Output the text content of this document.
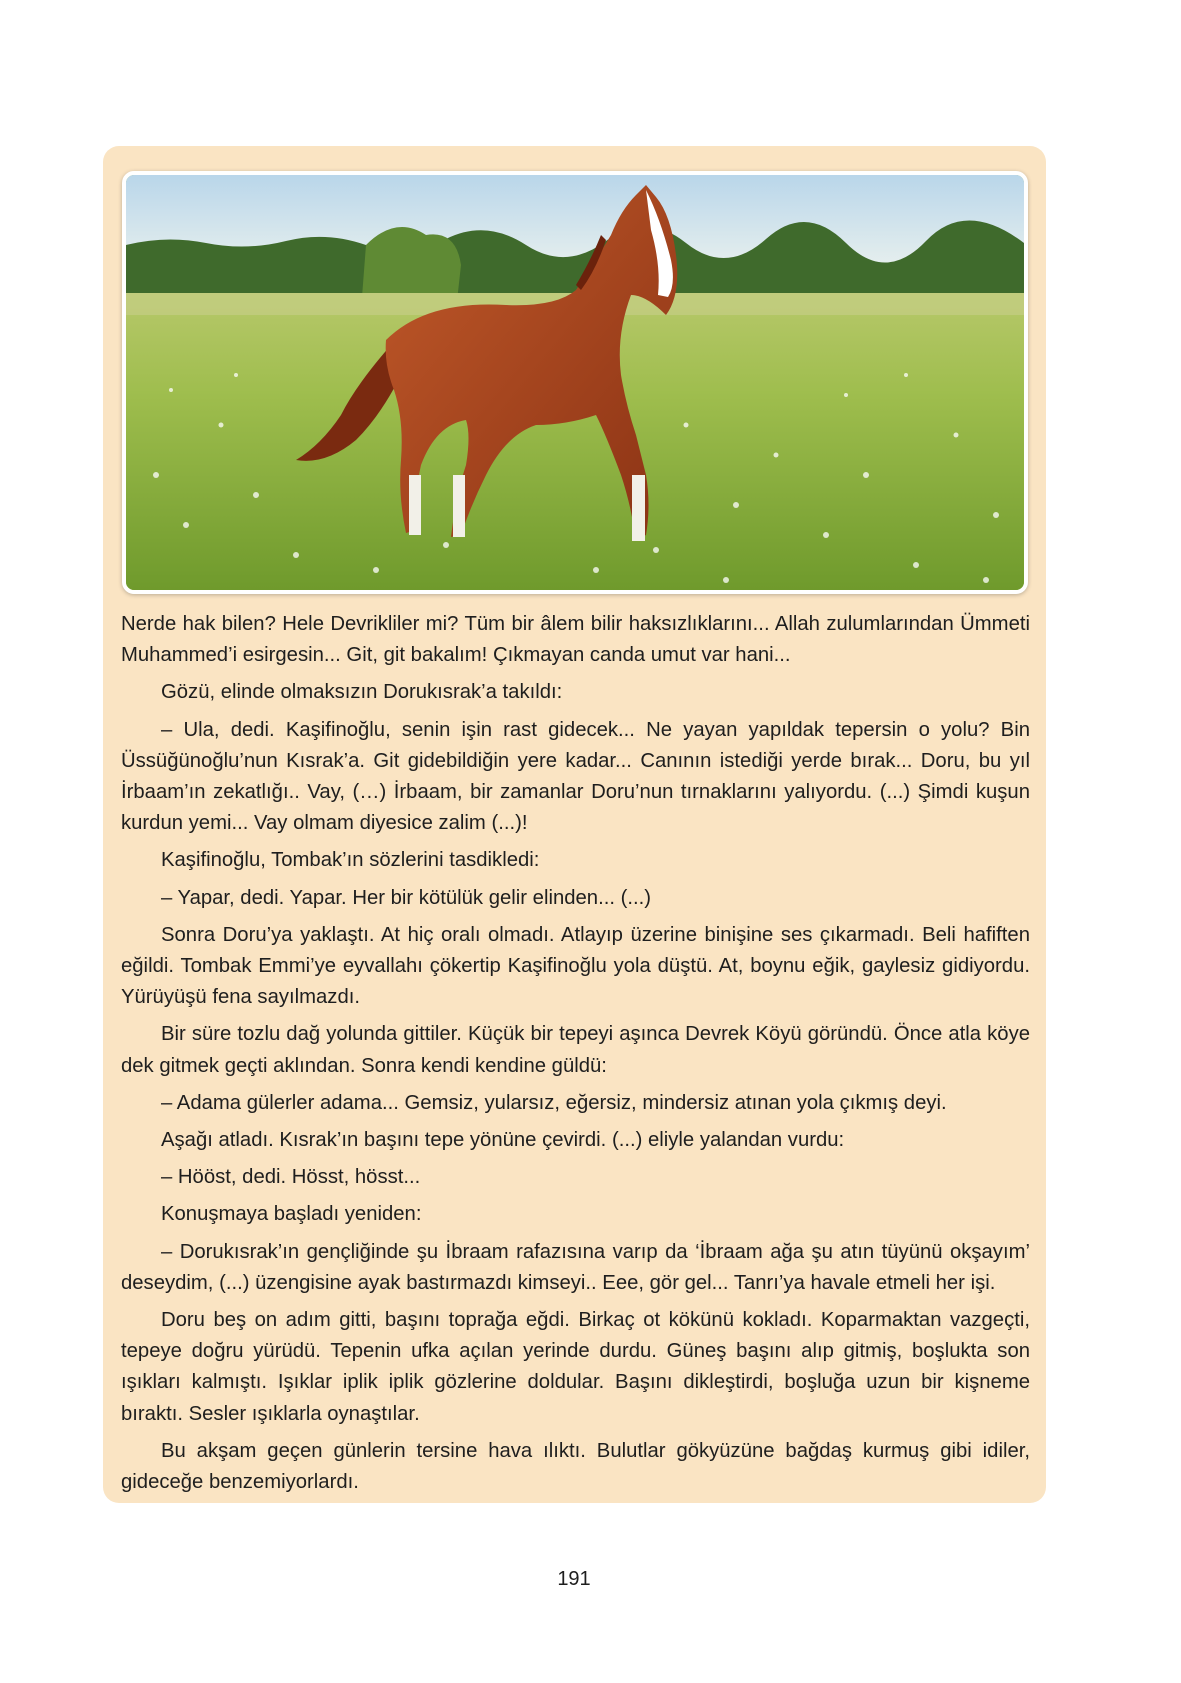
Nerde hak bilen? Hele Devrikliler mi? Tüm bir âlem bilir haksızlıklarını... Allah zulumlarından Ümmeti Muhammed’i esirgesin... Git, git bakalım! Çıkmayan canda umut var hani...

Gözü, elinde olmaksızın Dorukısrak’a takıldı:

– Ula, dedi. Kaşifinoğlu, senin işin rast gidecek... Ne yayan yapıldak tepersin o yolu? Bin Üssüğünoğlu’nun Kısrak’a. Git gidebildiğin yere kadar... Canının istediği yerde bırak... Doru, bu yıl İrbaam’ın zekatlığı.. Vay, (…) İrbaam, bir zamanlar Doru’nun tırnaklarını yalıyordu. (...) Şimdi kuşun kurdun yemi... Vay olmam diyesice zalim (...)!

Kaşifinoğlu, Tombak’ın sözlerini tasdikledi:

– Yapar, dedi. Yapar. Her bir kötülük gelir elinden... (...)

Sonra Doru’ya yaklaştı. At hiç oralı olmadı. Atlayıp üzerine binişine ses çıkarmadı. Beli hafiften eğildi. Tombak Emmi’ye eyvallahı çökertip Kaşifinoğlu yola düştü. At, boynu eğik, gaylesiz gidiyordu. Yürüyüşü fena sayılmazdı.

Bir süre tozlu dağ yolunda gittiler. Küçük bir tepeyi aşınca Devrek Köyü göründü. Önce atla köye dek gitmek geçti aklından. Sonra kendi kendine güldü:

– Adama gülerler adama... Gemsiz, yularsız, eğersiz, mindersiz atınan yola çıkmış deyi.

Aşağı atladı. Kısrak’ın başını tepe yönüne çevirdi. (...) eliyle yalandan vurdu:

– Hööst, dedi. Hösst, hösst...

Konuşmaya başladı yeniden:

– Dorukısrak’ın gençliğinde şu İbraam rafazısına varıp da ‘İbraam ağa şu atın tüyünü okşayım’ deseydim, (...) üzengisine ayak bastırmazdı kimseyi.. Eee, gör gel... Tanrı’ya havale etmeli her işi.

Doru beş on adım gitti, başını toprağa eğdi. Birkaç ot kökünü kokladı. Koparmaktan vazgeçti, tepeye doğru yürüdü. Tepenin ufka açılan yerinde durdu. Güneş başını alıp gitmiş, boşlukta son ışıkları kalmıştı. Işıklar iplik iplik gözlerine doldular. Başını dikleştirdi, boşluğa uzun bir kişneme bıraktı. Sesler ışıklarla oynaştılar.

Bu akşam geçen günlerin tersine hava ılıktı. Bulutlar gökyüzüne bağdaş kurmuş gibi idiler, gideceğe benzemiyorlardı.

191
